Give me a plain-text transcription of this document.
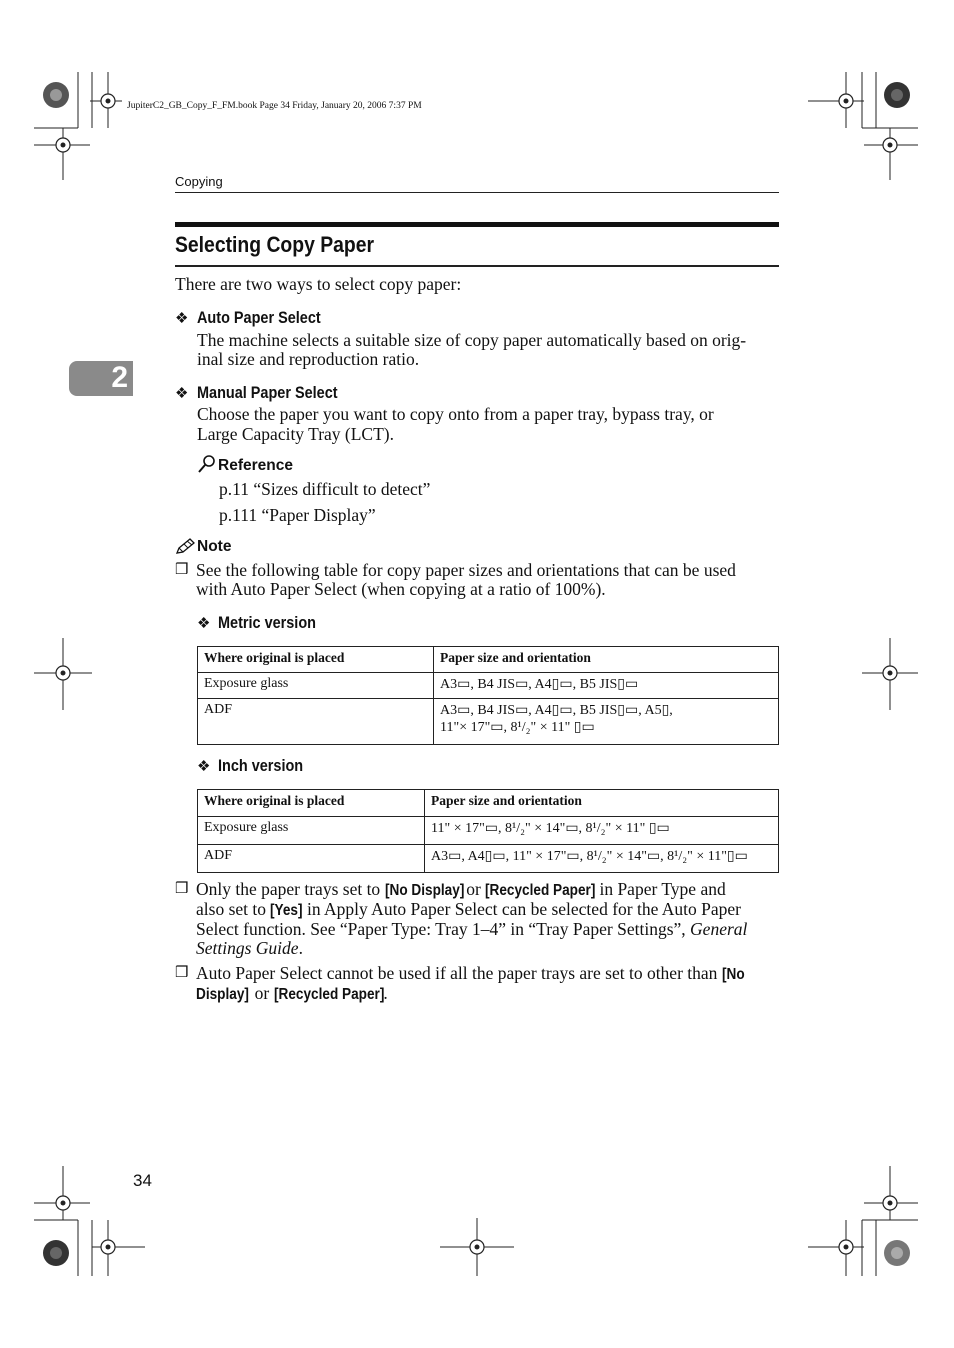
JupiterC2_GB_Copy_F_FM.book Page 34 Friday, January 20, 2006 7:37 PM
Copying
2
Selecting Copy Paper
There are two ways to select copy paper:
❖ Auto Paper Select
The machine selects a suitable size of copy paper automatically based on orig-
inal size and reproduction ratio.
❖ Manual Paper Select
Choose the paper you want to copy onto from a paper tray, bypass tray, or
Large Capacity Tray (LCT).
Reference
p.11 “Sizes difficult to detect”
p.111 “Paper Display”
Note
❒ See the following table for copy paper sizes and orientations that can be used
with Auto Paper Select (when copying at a ratio of 100%).
❖ Metric version
Where original is placed	Paper size and orientation
Exposure glass	A3▭, B4 JIS▭, A4▯▭, B5 JIS▯▭
ADF	A3▭, B4 JIS▭, A4▯▭, B5 JIS▯▭, A5▯,
11"× 17"▭, 8¹/₂" × 11" ▯▭
❖ Inch version
Where original is placed	Paper size and orientation
Exposure glass	11" × 17"▭, 8¹/₂" × 14"▭, 8¹/₂" × 11" ▯▭
ADF	A3▭, A4▯▭, 11" × 17"▭, 8¹/₂" × 14"▭, 8¹/₂" × 11"▯▭
❒ Only the paper trays set to [No Display] or [Recycled Paper] in Paper Type and
also set to [Yes] in Apply Auto Paper Select can be selected for the Auto Paper
Select function. See “Paper Type: Tray 1–4” in “Tray Paper Settings”, General
Settings Guide.
❒ Auto Paper Select cannot be used if all the paper trays are set to other than [No
Display] or [Recycled Paper].
34
